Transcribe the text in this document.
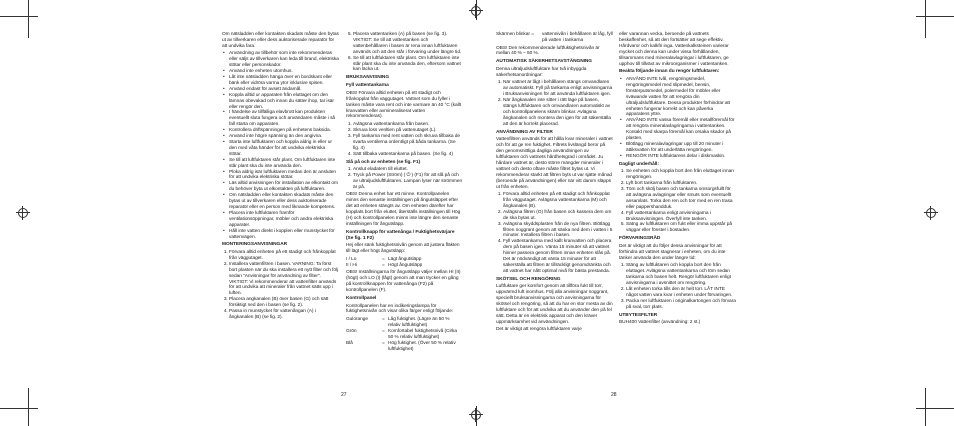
Om nätsladden eller kontakten skadats måste den bytas ut av tillverkaren eller dess auktoriserade reparatör för att undvika fara.

• Användning av tillbehör som inte rekommenderas eller säljs av tillverkaren kan leda till brand, elektriska stötar eller personskador.
• Använd inte enheten utomhus.
• Låt inte nätsladden hänga över en bordskant eller bänk eller vidröra varma ytor inklusive spisen.
• Använd endast för avsett ändamål.
• Koppla alltid ur apparaten från eluttaget om den lämnas obevakad och innan du sätter ihop, tar isär eller rengör den.
• I händelse av tillfälliga elavbrott kan produkten eventuellt sluta fungera och användaren måste i så fall starta om apparaten.
• Kontrollera driftspänningen på enhetens baksida.
• Använd inte högre spänning än den angivna.
• Starta inte luftfuktaren och koppla aldrig in eller ur den med våta händer för att undvika elektriska stötar.
• Se till att luftfuktaren står plant. Om luftfuktaren inte står plant ska du inte använda den.
• Ploka aldrig isär luftfuktaren medan den är ansluten för att undvika elektriska stötar.
• Läs alltid anvisningen för installation av elkontakt om du behöver byta ut elkontakten på luftfuktaren.
• Om nätsladden eller kontakten skadats måste den bytas ut av tillverkaren eller dess auktoriserade reparatör eller en person med liknande kompetens.
• Placera inte luftfuktaren framför ventilationsöppningar, möbler och andra elektriska apparater.
• Håll inte vatten direkt i kopplen eller munstycket för vattenvägen.

MONTERINGSANVISNINGAR

1. Förvara alltid enheten på ett stadigt och frånkopplat från väggutaget.
2. Installera vattenfiltren i basen. VARNING: Ta först bort plasten när du ska installera ett nytt filter och följ sedan "Anvisningar för användning av filter". VIKTIGT: Vi rekommenderar att vattenfilter används för att undvika att mineraler från vattnet sätts upp i luften.
3. Placera angkanalen (B) över basen (G) och sätt försiktigt ned den i basen (se fig. 2).
4. Passa in munstycket för vattenångan (A) i ångkanalen (B) (se fig. 2).
5. Placera vattentanken (A) på basen (se fig. 3). VIKTIGT: Se till att vattentanken och vattenbehållaren i basen är rena innan luftfuktaren används och att den står i förvaring under längre tid.
6. Se till att luftfuktaren står plant. Om luftfuktaren inte står plant ska du inte använda den, eftersom vattnet kan läcka ut.

BRUKSANVISNING

Fyll vattentankarna

OBS! Förvara alltid enheten på ett stadigt och frånkopplat från väggutaget. Vattnet som du fyller i tanken måste vara rent och inte varmare än 40 °C (kallt kranvatten eller avmineraliserat vatten rekommenderas).

1. Avlägsna vattentankarna från basen.
2. Skruva loss venltien på vattenutaget (L).
3. Fyll tankarna med rent vatten och skruva tillbaka de svarta ventilerna ordentligt på båda tankarna. (Se fig. 4)
4. Sätt tillbaka vattentankarna på basen. (Se fig. 4)

Slå på och av enheten (se fig. F1)

1. Anslut eladatern till eluttet.
2. Tryck på Power (Ström) ( ⏻ ) (F1) för att slå på och av ultraljudsluftfuktaren. Lampan lyser när strömmen är på.

OBS! Denna enhet har ett minne. Kontrollpanelen minns den senaste inställningen på ångutsläppet efter det att enheten stängts av. Om enheten därefter har kopplats bort från eluttet, återställs inställningen till Hög (H) och kontrollpanelen minns inte längre den senaste inställningen för ångutsläpp.

Kontrollknapp för vattenånga / Fuktighetsvärjare (Se fig. 1 F2)

Hej eller sänk fuktighetsnivån genom att justera fläkten till lägt eller högt ångutsläpp:

I / Lo	= Lägt ångutsläpp
II / Hi	= Högt ångutsläpp

OBS! Inställningarna för ångutsläpp väljer mellan HI (II) (högt) och LO (I) (lågt) genom att man trycker en gång på kontrollknappen för vattenånga (F2) på kontrollpanelen (F).

Kontrollpanel

Kontrollpanelen har en indikeringslampa för fuktighetsnivån och visar olika färger enligt följande:

Gulorange	= Låg fuktighet. (Lägre än 50 % relativ luftfuktighet)
Grön	= Komfortabel fuktighetsnivå (Cirka 50 % relativ luftfuktighet)
Blå	= Hög fuktighet. (Över 50 % relativ luftfuktighet)
27
Skärmen blinkar =	vattennivån i behållaren är låg, fyll på vatten i tankarna

OBS! Den rekommenderade luftfuktighetsnivån är mellan 40 % – 50 %.

AUTOMATISK SÄKERHETSAVSTÄNGNING

Denna ultraljudsluftfuktare har två inbyggda säkerhetsanordningar:

1. När vattnet är lågt i behållaren stängs omvandlaren av automatiskt. Fyll på tankarna enligt anvisningarna i Bruksanvisningen för att använda luftfuktaren igen.
2. När ångkanalen inte sitter i rätt läge på basen, stängs luftfuktaren och omvandlaren automatiskt av och kontrollpanelens skärm blinkar. Avlägsna ångkanalen och montera den igen för att säkerställa att den är korrekt placerad.

ANVÄNDNING AV FILTER

Vattenfiltren används för att hålla kvar mineraler i vattnet och för att ge ren fuktighet. Filtrets livslängd beror på den genomsnittliga dagliga användningen av luftfuktaren och vattnets hårdhetsgrad i området. Ju hårdare vattnet är, desto större mängder mineraler i vattnet och desto oftare måste filtret bytas ut. Vi rekommenderar starkt att filtren byts ut var sjätte månad (beroende på användningen) eller när vitt damm släpps ut från enheten.

1. Förvara alltid enheten på ett stadigt och frånkopplat från väggutaget. Avlägsna vattentankarna (M) och ångkanalen (B).
2. Avlägsna filtren (O) från basen och kassera dem om de ska bytas ut.
3. Avlägsna skyddsplasten från de nya filtren. Blötlägg filtren noggrant genom att sänka ned dem i vatten i 5 minuter. Installera filtren i basen.
4. Fyll vattentankarna med kallt kranvatten och placera dem på basen igen. Vänta 15 minuter så att vattnet hinner passera genom filtren innan enheten slås på. Det är nödvändigt att vänta 15 minuter för att säkerställa att filtren är tillräckligt genomdränkta och att vattnet har nått optimal nivå för bästa prestanda.

SKÖTSEL OCH RENGÖRING

Luftfuktare ger komfort genom att tillföra fukt till torr, uppvärmd luft inomhus. Följ alla anvisningar noggrant, speciellt bruksanvisningarna och anvisningarna för skötsel och rengöring, så att du har en stor mesta av din luftfuktare och för att undvika att du använder den på fel sätt. Detta är en elektrisk apparat och den kräver uppmärksamhet vid användningen.

Det är viktigt att rengöra luftfuktaren varje

eller varannan vecka, beroende på vattnets beskaffenhet, så att den fortsätter att sege effektiv. Hårdvaror och kalkfri inga. Vattenkalksteinen varierar mycket och denna kan under vissa förhållanden, tillsammans med mineralavlagringar i luftfuktaren, ge upphov till tillväxt av mikroorganismer i vattentanken.

Beakta följande innan du rengör luftfuktaren:

• ANVÄND INTE tvål, rengöringsmedel, rengöringsmedel med slipmedel, bensin, fönsterputsmedel, polermedel för möbler eller sväwande vatten för att rengöra din ultraljudsluftfuktare. Dessa produkter förhindrar att enheten fungerar korrekt och kan påverka apparatens yttre.
• ANVÄND INTE vassa föremål eller metallföremål för att rengöra mineralavlagringarna i vattentanken. Kontakt med skarpa föremål kan orsaka skador på plasten.
• Blötlägg mineralavlagringar upp till 20 minuter i ättiksvatten för att underlätta rengöringen.
• RENGÖR INTE luftfuktarens delar i diskmaskin.

Dagligt underhåll:

1. Se enheten och koppla bort den från eluttaget innan rengöringen.
2. Lyft bort tankarna från luftfuktaren.
3. Töm och skölj basen och tankarna omsorgsfullt för att avlägsna avlagringar eller smuts som eventuellt ansamlats. Torka den ren och torr med en ren trasa eller pappershandduk.
4. Fyll vattentankarna enligt anvisningarna i Bruksanvisningen. Överfyll inte tanken.
5. Sätng av luftfuktaren om fukt eller imma uppstår på väggar eller fönster i bostaden.

FÖRVARINGSRÅD

Det är viktigt att du följer dessa anvisningar för att förhindra att vattnet stagnerar i enheten, om du inte tänker använda den under längre tid:

1. Stäng av luftfuktaren och koppla bort den från eluttaget. Avlägsna vattentankarna och töm sedan tankarna och basen helt. Rengör luftfuktaren enligt anvisningarna i avsnittet om rengöring.
2. Låt enheten torka tills den är helt torr. LÅT INTE något vatten vara kvar i enheten under förvaringen.
3. Packa ner luftfuktaren i originalkartongen och förvara på sval, torr plats.

UTBYTESFILTER

BUH400 Vattenfilter (användning: 2 st.)

28
